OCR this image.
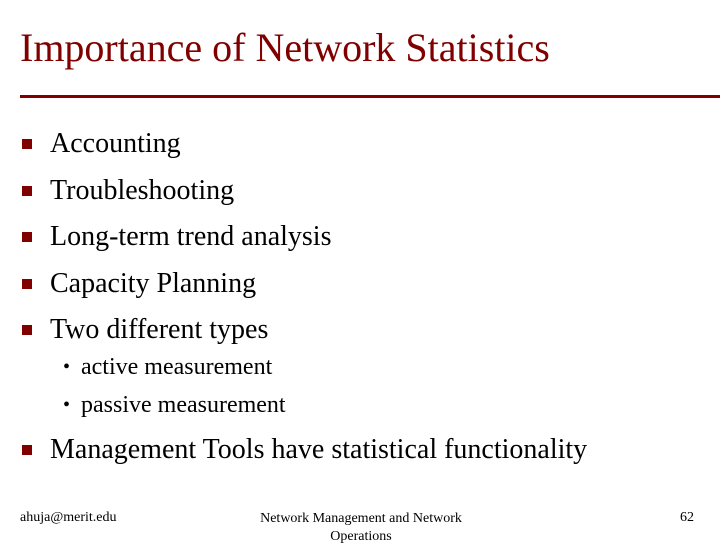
Importance of Network Statistics
Accounting
Troubleshooting
Long-term trend analysis
Capacity Planning
Two different types
• active measurement
• passive measurement
Management Tools have statistical functionality
ahuja@merit.edu	Network Management and Network Operations
62
